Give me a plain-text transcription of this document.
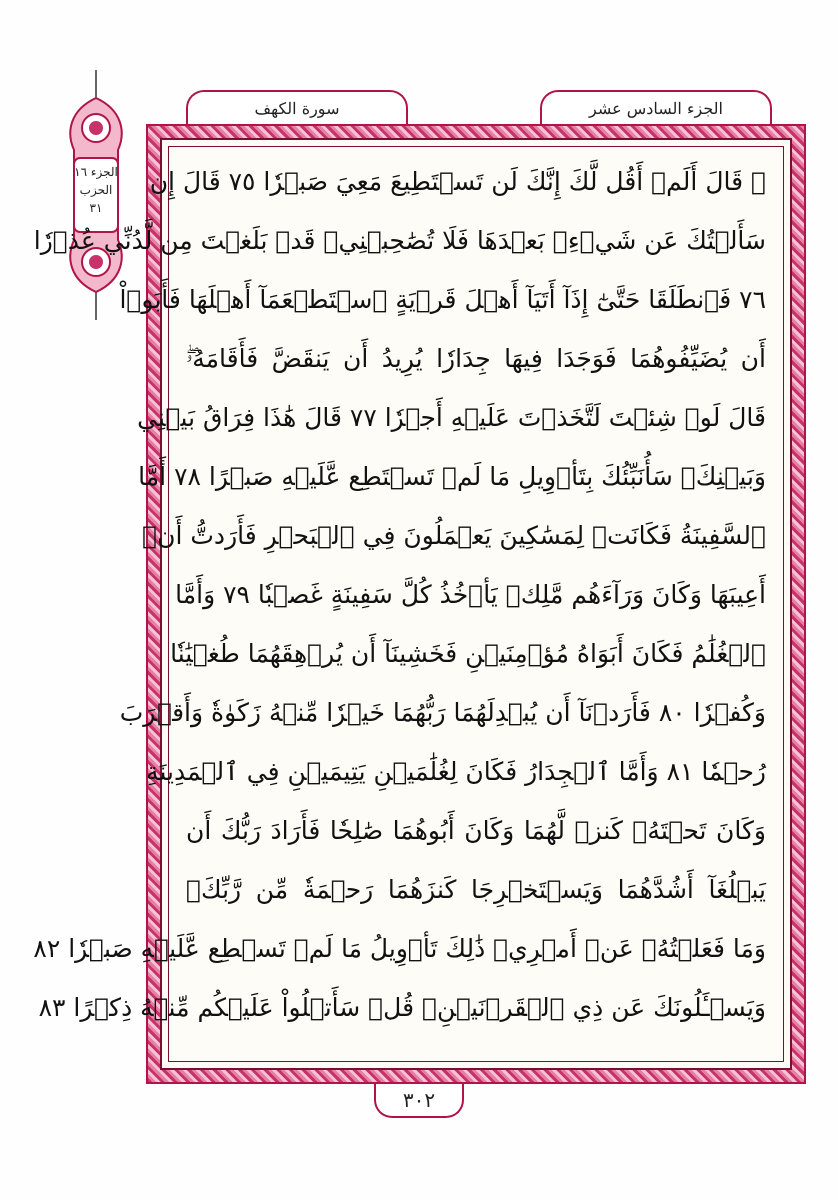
الجزء ١٦
الحزب ٣١
سورة الكهف	الجزء السادس عشر
۞ قَالَ أَلَمۡ أَقُل لَّكَ إِنَّكَ لَن تَسۡتَطِيعَ مَعِيَ صَبۡرٗا ٧٥ قَالَ إِن
سَأَلۡتُكَ عَن شَيۡءِۭ بَعۡدَهَا فَلَا تُصَٰحِبۡنِيۖ قَدۡ بَلَغۡتَ مِن لَّدُنِّي عُذۡرٗا
٧٦ فَٱنطَلَقَا حَتَّىٰٓ إِذَآ أَتَيَآ أَهۡلَ قَرۡيَةٍ ٱسۡتَطۡعَمَآ أَهۡلَهَا فَأَبَوۡاْ
أَن يُضَيِّفُوهُمَا فَوَجَدَا فِيهَا جِدَارٗا يُرِيدُ أَن يَنقَضَّ فَأَقَامَهُۥۖ
قَالَ لَوۡ شِئۡتَ لَتَّخَذۡتَ عَلَيۡهِ أَجۡرٗا ٧٧ قَالَ هَٰذَا فِرَاقُ بَيۡنِي
وَبَيۡنِكَۚ سَأُنَبِّئُكَ بِتَأۡوِيلِ مَا لَمۡ تَسۡتَطِع عَّلَيۡهِ صَبۡرًا ٧٨ أَمَّا
ٱلسَّفِينَةُ فَكَانَتۡ لِمَسَٰكِينَ يَعۡمَلُونَ فِي ٱلۡبَحۡرِ فَأَرَدتُّ أَنۡ
أَعِيبَهَا وَكَانَ وَرَآءَهُم مَّلِكٞ يَأۡخُذُ كُلَّ سَفِينَةٍ غَصۡبٗا ٧٩ وَأَمَّا
ٱلۡغُلَٰمُ فَكَانَ أَبَوَاهُ مُؤۡمِنَيۡنِ فَخَشِينَآ أَن يُرۡهِقَهُمَا طُغۡيَٰنٗا
وَكُفۡرٗا ٨٠ فَأَرَدۡنَآ أَن يُبۡدِلَهُمَا رَبُّهُمَا خَيۡرٗا مِّنۡهُ زَكَوٰةٗ وَأَقۡرَبَ
رُحۡمٗا ٨١ وَأَمَّا ٱلۡجِدَارُ فَكَانَ لِغُلَٰمَيۡنِ يَتِيمَيۡنِ فِي ٱلۡمَدِينَةِ
وَكَانَ تَحۡتَهُۥ كَنزٞ لَّهُمَا وَكَانَ أَبُوهُمَا صَٰلِحٗا فَأَرَادَ رَبُّكَ أَن
يَبۡلُغَآ أَشُدَّهُمَا وَيَسۡتَخۡرِجَا كَنزَهُمَا رَحۡمَةٗ مِّن رَّبِّكَۚ
وَمَا فَعَلۡتُهُۥ عَنۡ أَمۡرِيۚ ذَٰلِكَ تَأۡوِيلُ مَا لَمۡ تَسۡطِع عَّلَيۡهِ صَبۡرٗا ٨٢
وَيَسۡـَٔلُونَكَ عَن ذِي ٱلۡقَرۡنَيۡنِۖ قُلۡ سَأَتۡلُواْ عَلَيۡكُم مِّنۡهُ ذِكۡرًا ٨٣
٣٠٢
